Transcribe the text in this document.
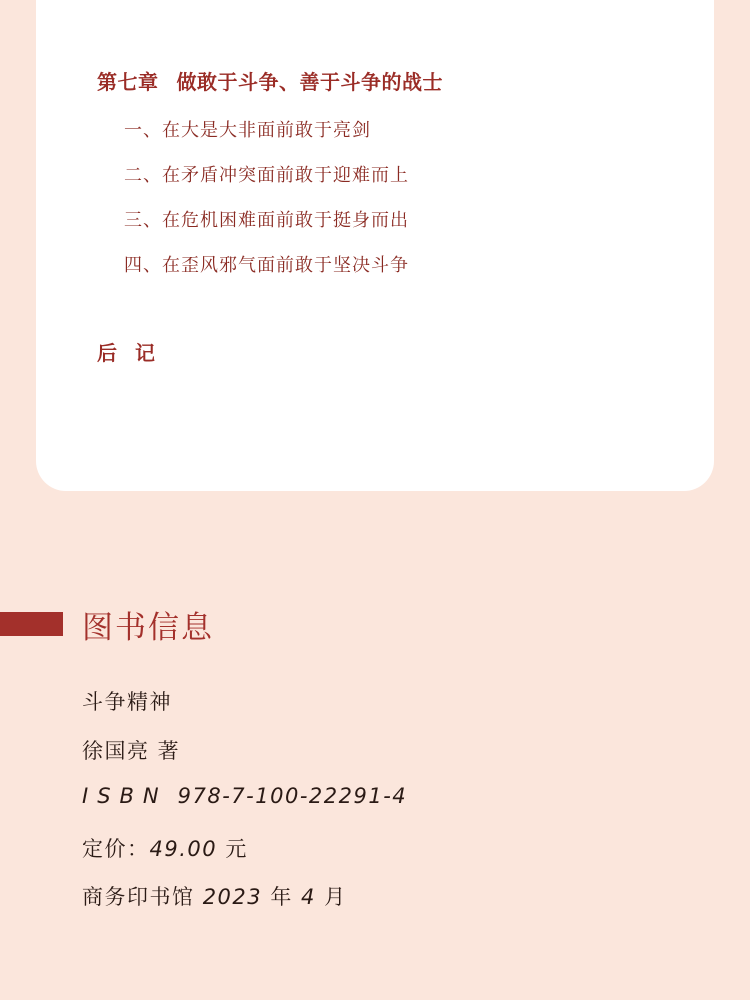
第七章 做敢于斗争、善于斗争的战士
一、在大是大非面前敢于亮剑
二、在矛盾冲突面前敢于迎难而上
三、在危机困难面前敢于挺身而出
四、在歪风邪气面前敢于坚决斗争
后记
图书信息
斗争精神
徐国亮 著
ISBN 978-7-100-22291-4
定价：49.00 元
商务印书馆 2023 年 4 月
